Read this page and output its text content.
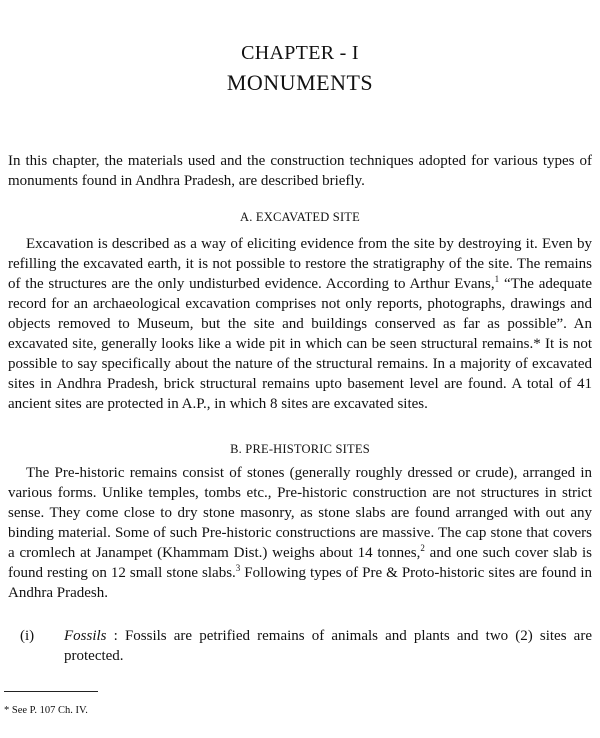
CHAPTER - I
MONUMENTS
In this chapter, the materials used and the construction techniques adopted for various types of monuments found in Andhra Pradesh, are described briefly.
A. EXCAVATED SITE
Excavation is described as a way of eliciting evidence from the site by destroying it. Even by refilling the excavated earth, it is not possible to restore the stratigraphy of the site. The remains of the structures are the only undisturbed evidence. According to Arthur Evans,$^1$ “The adequate record for an archaeological excavation comprises not only reports, photographs, drawings and objects removed to Museum, but the site and buildings conserved as far as possible”. An excavated site, generally looks like a wide pit in which can be seen structural remains.* It is not possible to say specifically about the nature of the structural remains. In a majority of excavated sites in Andhra Pradesh, brick structural remains upto basement level are found. A total of 41 ancient sites are protected in A.P., in which 8 sites are excavated sites.
B. PRE-HISTORIC SITES
The Pre-historic remains consist of stones (generally roughly dressed or crude), arranged in various forms. Unlike temples, tombs etc., Pre-historic construction are not structures in strict sense. They come close to dry stone masonry, as stone slabs are found arranged with out any binding material. Some of such Pre-historic constructions are massive. The cap stone that covers a cromlech at Janampet (Khammam Dist.) weighs about 14 tonnes,$^2$ and one such cover slab is found resting on 12 small stone slabs.$^3$ Following types of Pre & Proto-historic sites are found in Andhra Pradesh.
(i)	Fossils : Fossils are petrified remains of animals and plants and two (2) sites are protected.
* See P. 107 Ch. IV.
